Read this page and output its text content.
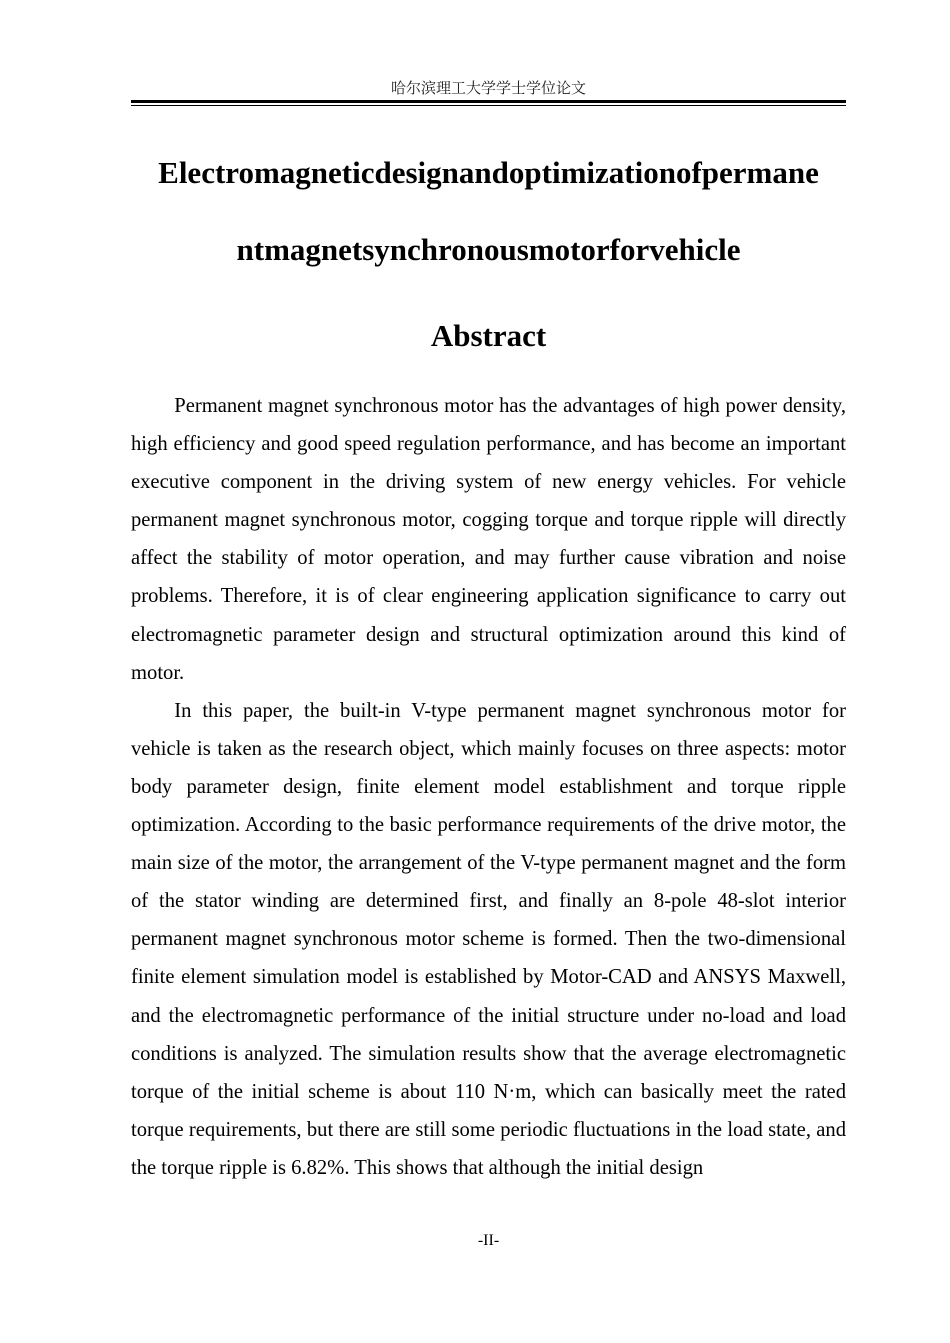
哈尔滨理工大学学士学位论文
Electromagneticdesignandoptimizationofpermane
ntmagnetsynchronousmotorforvehicle
Abstract

Permanent magnet synchronous motor has the advantages of high power density, high efficiency and good speed regulation performance, and has become an important executive component in the driving system of new energy vehicles. For vehicle permanent magnet synchronous motor, cogging torque and torque ripple will directly affect the stability of motor operation, and may further cause vibration and noise problems. Therefore, it is of clear engineering application significance to carry out electromagnetic parameter design and structural optimization around this kind of motor.

In this paper, the built-in V-type permanent magnet synchronous motor for vehicle is taken as the research object, which mainly focuses on three aspects: motor body parameter design, finite element model establishment and torque ripple optimization. According to the basic performance requirements of the drive motor, the main size of the motor, the arrangement of the V-type permanent magnet and the form of the stator winding are determined first, and finally an 8-pole 48-slot interior permanent magnet synchronous motor scheme is formed. Then the two-dimensional finite element simulation model is established by Motor-CAD and ANSYS Maxwell, and the electromagnetic performance of the initial structure under no-load and load conditions is analyzed. The simulation results show that the average electromagnetic torque of the initial scheme is about 110 N·m, which can basically meet the rated torque requirements, but there are still some periodic fluctuations in the load state, and the torque ripple is 6.82%. This shows that although the initial design

-II-
